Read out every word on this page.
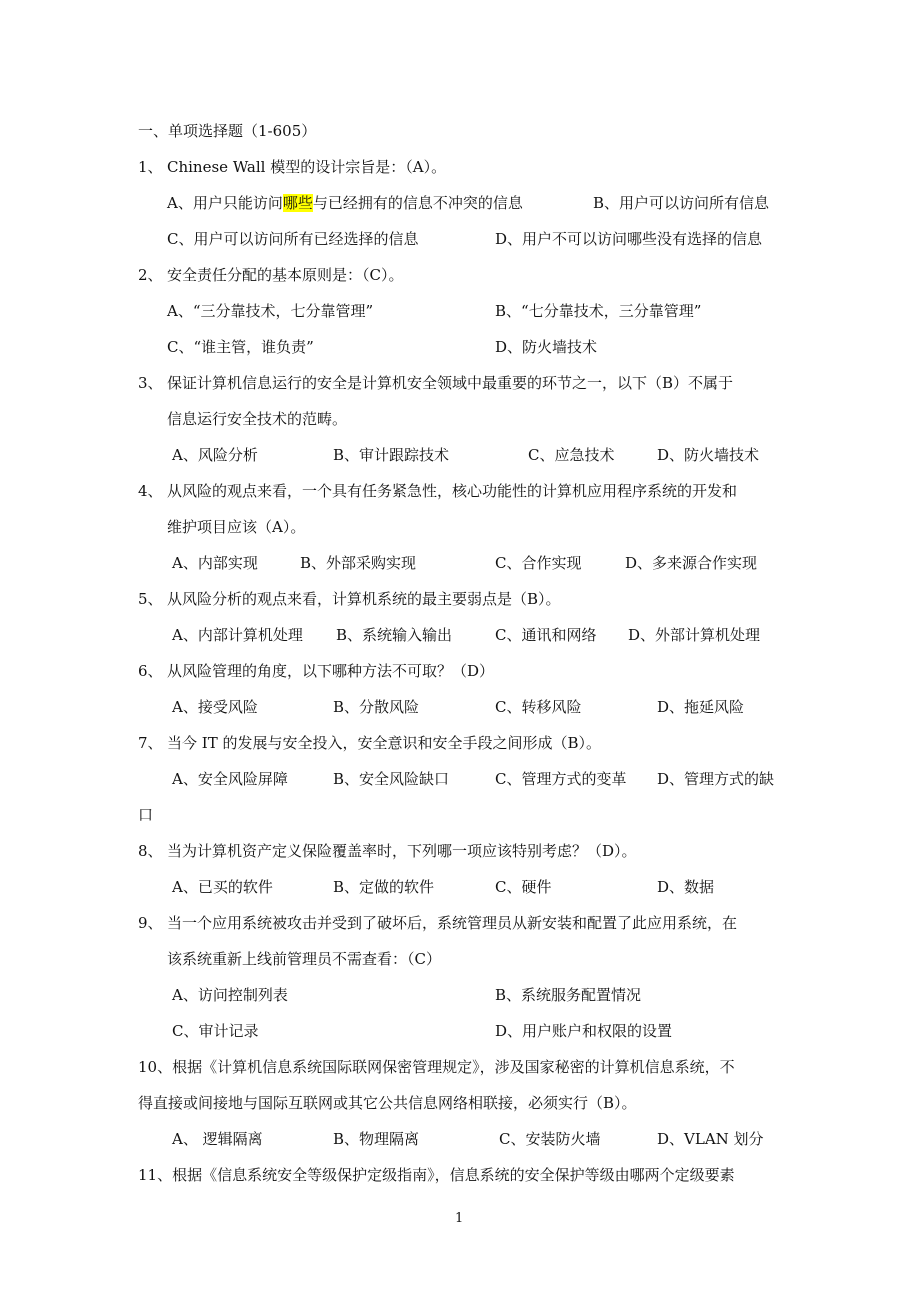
一、单项选择题（1-605）
1、 Chinese Wall 模型的设计宗旨是：（A）。
A、用户只能访问哪些与已经拥有的信息不冲突的信息	B、用户可以访问所有信息
C、用户可以访问所有已经选择的信息	D、用户不可以访问哪些没有选择的信息
2、 安全责任分配的基本原则是：（C）。
A、“三分靠技术，七分靠管理”	B、“七分靠技术，三分靠管理”
C、“谁主管，谁负责”	D、防火墙技术
3、 保证计算机信息运行的安全是计算机安全领域中最重要的环节之一，以下（B）不属于
信息运行安全技术的范畴。
A、风险分析	B、审计跟踪技术	C、应急技术	D、防火墙技术
4、 从风险的观点来看，一个具有任务紧急性，核心功能性的计算机应用程序系统的开发和
维护项目应该（A）。
A、内部实现	B、外部采购实现	C、合作实现	D、多来源合作实现
5、 从风险分析的观点来看，计算机系统的最主要弱点是（B）。
A、内部计算机处理 B、系统输入输出	C、通讯和网络 D、外部计算机处理
6、 从风险管理的角度，以下哪种方法不可取？（D）
A、接受风险	B、分散风险	C、转移风险	D、拖延风险
7、 当今 IT 的发展与安全投入，安全意识和安全手段之间形成（B）。
A、安全风险屏障	B、安全风险缺口	C、管理方式的变革 D、管理方式的缺
口
8、 当为计算机资产定义保险覆盖率时，下列哪一项应该特别考虑？（D）。
A、已买的软件	B、定做的软件	C、硬件	D、数据
9、 当一个应用系统被攻击并受到了破坏后，系统管理员从新安装和配置了此应用系统，在
该系统重新上线前管理员不需查看：（C）
A、访问控制列表	B、系统服务配置情况
C、审计记录	D、用户账户和权限的设置
10、根据《计算机信息系统国际联网保密管理规定》，涉及国家秘密的计算机信息系统，不
得直接或间接地与国际互联网或其它公共信息网络相联接，必须实行（B）。
A、 逻辑隔离	B、物理隔离	C、安装防火墙	D、VLAN 划分
11、根据《信息系统安全等级保护定级指南》，信息系统的安全保护等级由哪两个定级要素
1
